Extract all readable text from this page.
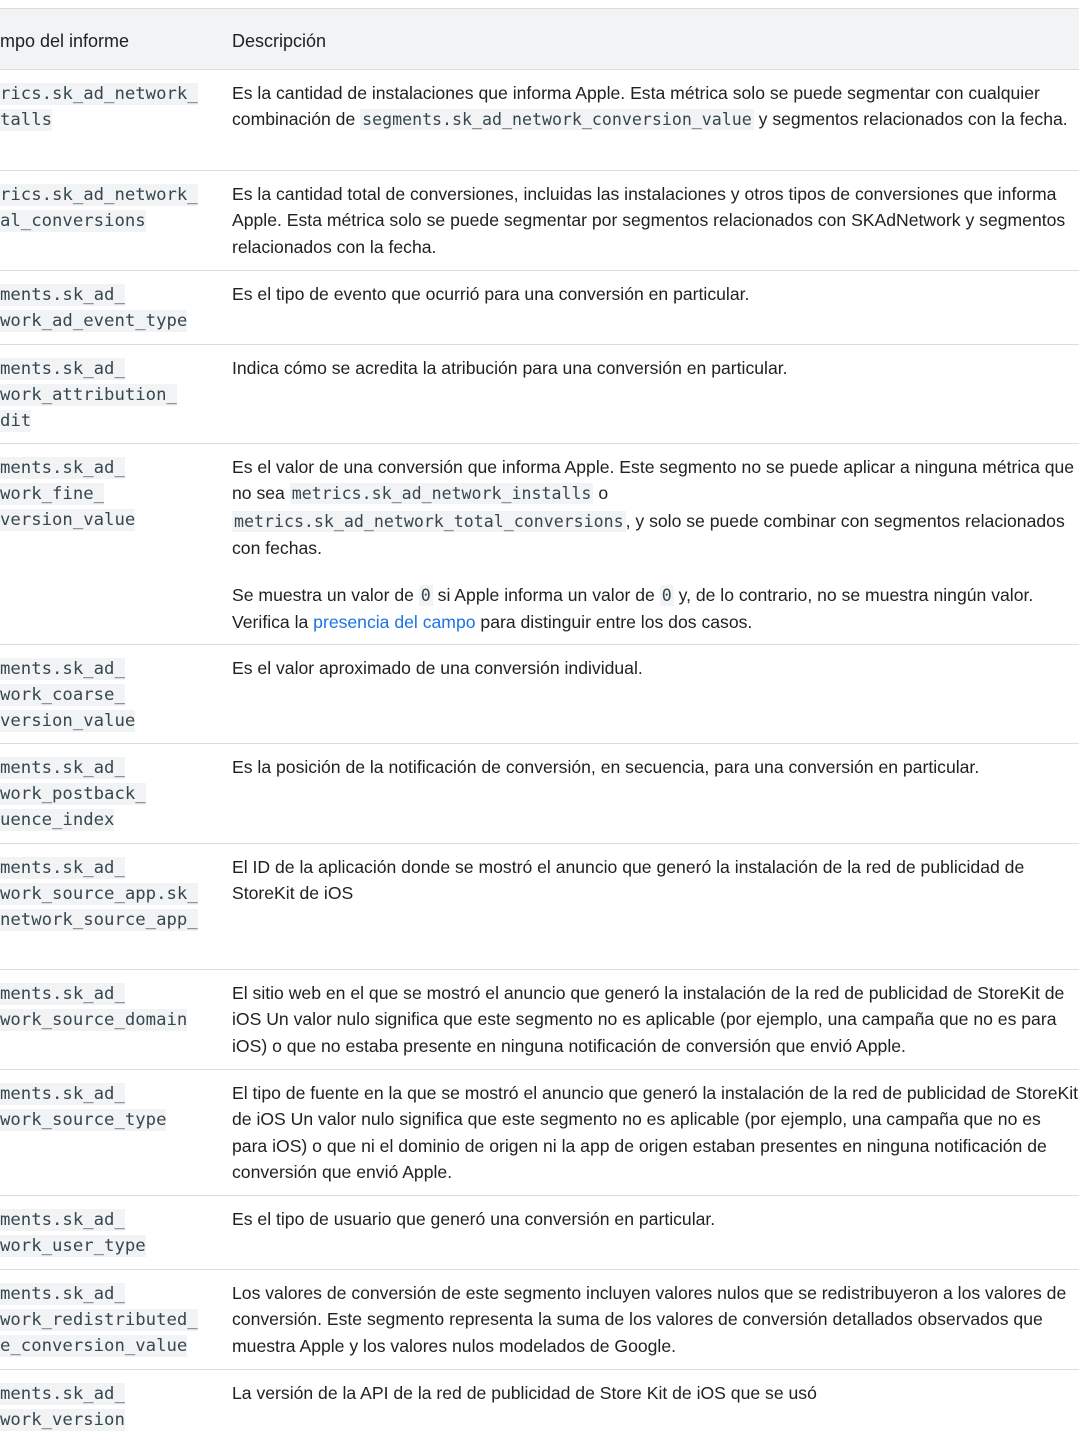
mpo del informe	Descripción
rics.sk_ad_network_
talls

Es la cantidad de instalaciones que informa Apple. Esta métrica solo se puede segmentar con cualquier combinación de segments.sk_ad_network_conversion_value y segmentos relacionados con la fecha.

rics.sk_ad_network_
al_conversions

Es la cantidad total de conversiones, incluidas las instalaciones y otros tipos de conversiones que informa Apple. Esta métrica solo se puede segmentar por segmentos relacionados con SKAdNetwork y segmentos relacionados con la fecha.

ments.sk_ad_
work_ad_event_type

Es el tipo de evento que ocurrió para una conversión en particular.

ments.sk_ad_
work_attribution_
dit

Indica cómo se acredita la atribución para una conversión en particular.

ments.sk_ad_
work_fine_
version_value

Es el valor de una conversión que informa Apple. Este segmento no se puede aplicar a ninguna métrica que no sea metrics.sk_ad_network_installs o
metrics.sk_ad_network_total_conversions , y solo se puede combinar con segmentos relacionados con fechas.

Se muestra un valor de 0 si Apple informa un valor de 0 y, de lo contrario, no se muestra ningún valor. Verifica la presencia del campo para distinguir entre los dos casos.

ments.sk_ad_
work_coarse_
version_value

Es el valor aproximado de una conversión individual.

ments.sk_ad_
work_postback_
uence_index

Es la posición de la notificación de conversión, en secuencia, para una conversión en particular.

ments.sk_ad_
work_source_app.sk_
network_source_app_

El ID de la aplicación donde se mostró el anuncio que generó la instalación de la red de publicidad de StoreKit de iOS

ments.sk_ad_
work_source_domain

El sitio web en el que se mostró el anuncio que generó la instalación de la red de publicidad de StoreKit de iOS Un valor nulo significa que este segmento no es aplicable (por ejemplo, una campaña que no es para iOS) o que no estaba presente en ninguna notificación de conversión que envió Apple.

ments.sk_ad_
work_source_type

El tipo de fuente en la que se mostró el anuncio que generó la instalación de la red de publicidad de StoreKit de iOS Un valor nulo significa que este segmento no es aplicable (por ejemplo, una campaña que no es para iOS) o que ni el dominio de origen ni la app de origen estaban presentes en ninguna notificación de conversión que envió Apple.

ments.sk_ad_
work_user_type

Es el tipo de usuario que generó una conversión en particular.

ments.sk_ad_
work_redistributed_
e_conversion_value

Los valores de conversión de este segmento incluyen valores nulos que se redistribuyeron a los valores de conversión. Este segmento representa la suma de los valores de conversión detallados observados que muestra Apple y los valores nulos modelados de Google.

ments.sk_ad_
work_version

La versión de la API de la red de publicidad de Store Kit de iOS que se usó
